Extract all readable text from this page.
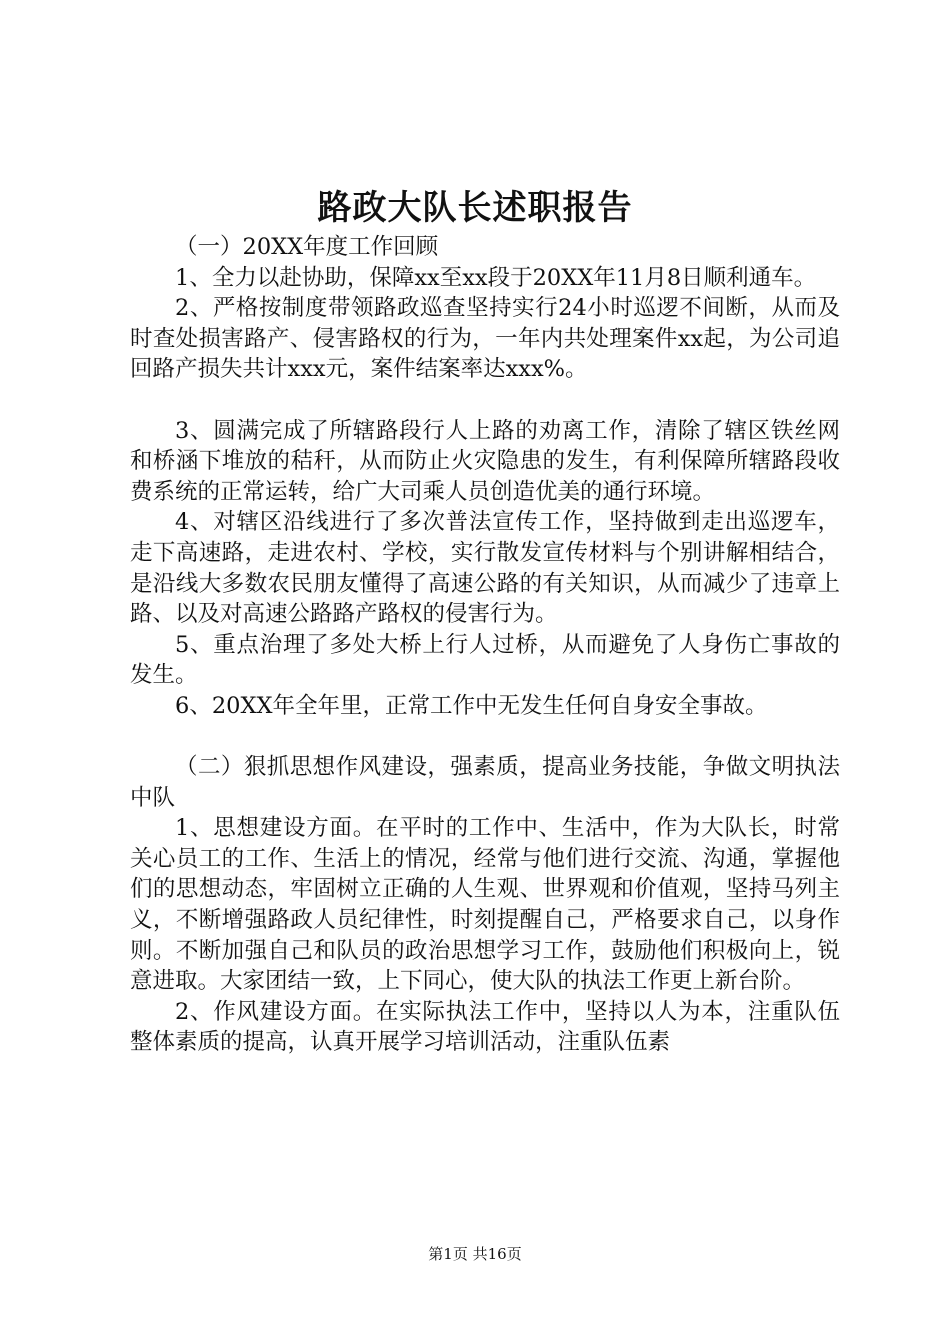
路政大队长述职报告

（一）20XX年度工作回顾

1、全力以赴协助，保障xx至xx段于20XX年11月8日顺利通车。

2、严格按制度带领路政巡查坚持实行24小时巡逻不间断，从而及时查处损害路产、侵害路权的行为，一年内共处理案件xx起，为公司追回路产损失共计xxx元，案件结案率达xxx%。

3、圆满完成了所辖路段行人上路的劝离工作，清除了辖区铁丝网和桥涵下堆放的秸秆，从而防止火灾隐患的发生，有利保障所辖路段收费系统的正常运转，给广大司乘人员创造优美的通行环境。

4、对辖区沿线进行了多次普法宣传工作，坚持做到走出巡逻车，走下高速路，走进农村、学校，实行散发宣传材料与个别讲解相结合，是沿线大多数农民朋友懂得了高速公路的有关知识，从而减少了违章上路、以及对高速公路路产路权的侵害行为。

5、重点治理了多处大桥上行人过桥，从而避免了人身伤亡事故的发生。

6、20XX年全年里，正常工作中无发生任何自身安全事故。

（二）狠抓思想作风建设，强素质，提高业务技能，争做文明执法中队

1、思想建设方面。在平时的工作中、生活中，作为大队长，时常关心员工的工作、生活上的情况，经常与他们进行交流、沟通，掌握他们的思想动态，牢固树立正确的人生观、世界观和价值观，坚持马列主义，不断增强路政人员纪律性，时刻提醒自己，严格要求自己，以身作则。不断加强自己和队员的政治思想学习工作，鼓励他们积极向上，锐意进取。大家团结一致，上下同心，使大队的执法工作更上新台阶。

2、作风建设方面。在实际执法工作中，坚持以人为本，注重队伍整体素质的提高，认真开展学习培训活动，注重队伍素

第1页 共16页
